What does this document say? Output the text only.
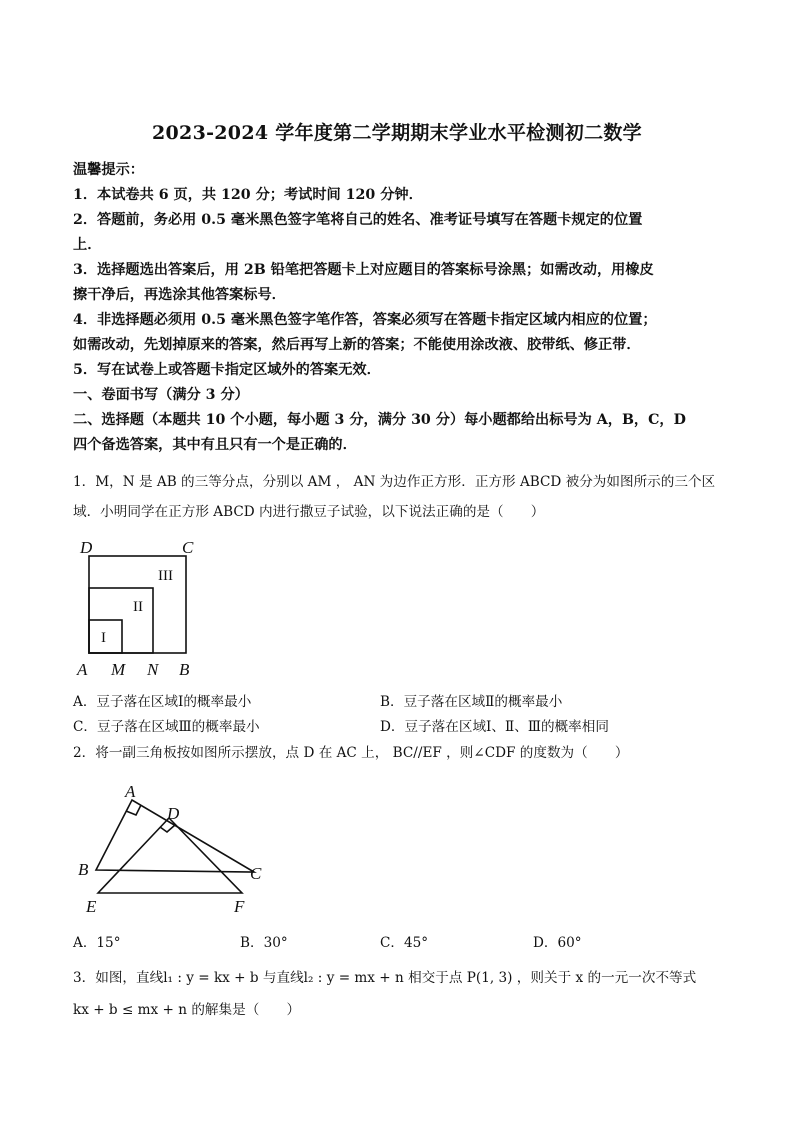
2023-2024 学年度第二学期期末学业水平检测初二数学
温馨提示：
1．本试卷共 6 页，共 120 分；考试时间 120 分钟．
2．答题前，务必用 0.5 毫米黑色签字笔将自己的姓名、准考证号填写在答题卡规定的位置
上．
3．选择题选出答案后，用 2B 铅笔把答题卡上对应题目的答案标号涂黑；如需改动，用橡皮
擦干净后，再选涂其他答案标号．
4．非选择题必须用 0.5 毫米黑色签字笔作答，答案必须写在答题卡指定区域内相应的位置；
如需改动，先划掉原来的答案，然后再写上新的答案；不能使用涂改液、胶带纸、修正带．
5．写在试卷上或答题卡指定区域外的答案无效．
一、卷面书写（满分 3 分）
二、选择题（本题共 10 个小题，每小题 3 分，满分 30 分）每小题都给出标号为 A，B，C，D
四个备选答案，其中有且只有一个是正确的．
1．M，N 是 AB 的三等分点，分别以 AM ， AN 为边作正方形．正方形 ABCD 被分为如图所示的三个区
域．小明同学在正方形 ABCD 内进行撒豆子试验，以下说法正确的是（　　）
D	C
A M N B
I
II
III
A．豆子落在区域Ⅰ的概率最小	B．豆子落在区域Ⅱ的概率最小
C．豆子落在区域Ⅲ的概率最小	D．豆子落在区域Ⅰ、Ⅱ、Ⅲ的概率相同
2．将一副三角板按如图所示摆放，点 D 在 AC 上， BC//EF ，则∠CDF 的度数为（　　）
A
D
B	C
E	F
A．15°	B．30°	C．45°	D．60°
3．如图，直线l₁ : y = kx + b 与直线l₂ : y = mx + n 相交于点 P(1, 3) ，则关于 x 的一元一次不等式
kx + b ≤ mx + n 的解集是（　　）
